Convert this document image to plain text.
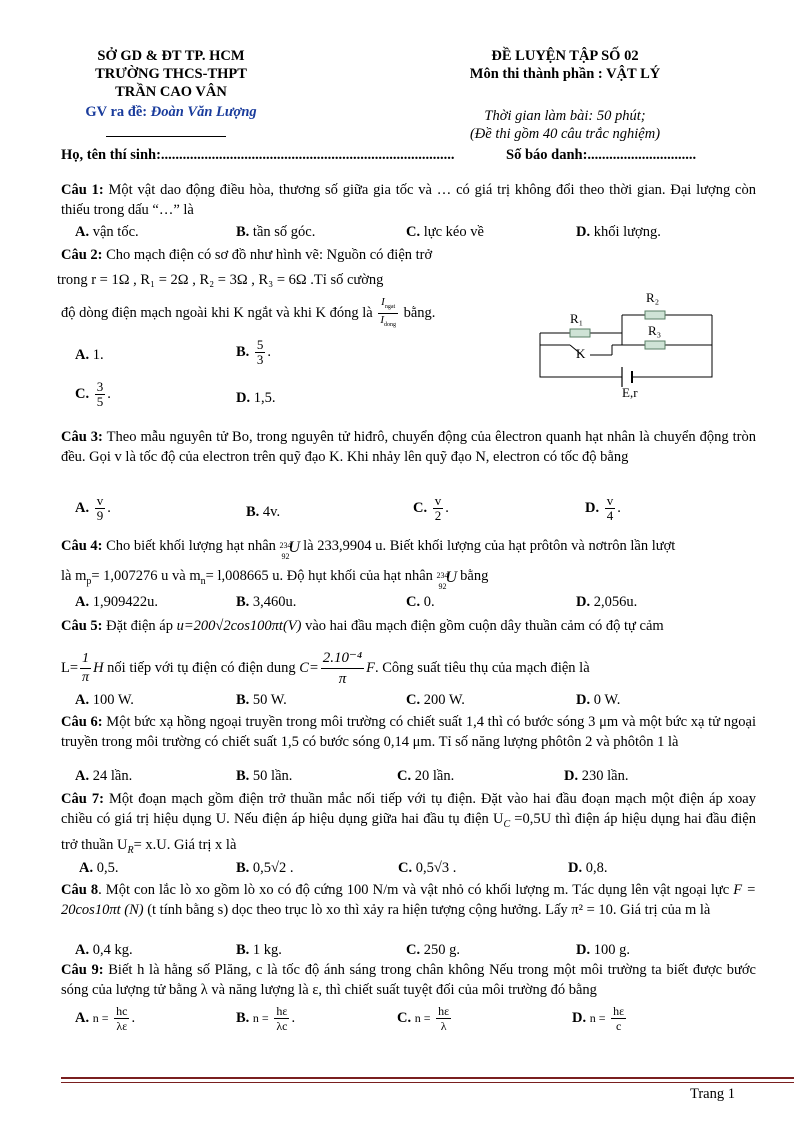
SỞ GD & ĐT TP. HCM
TRƯỜNG THCS-THPT
TRẦN CAO VÂN
GV ra đề: Đoàn Văn Lượng
ĐỀ LUYỆN TẬP SỐ 02
Môn thi thành phần : VẬT LÝ
Thời gian làm bài: 50 phút;
(Đề thi gồm 40 câu trắc nghiệm)
Họ, tên thí sinh:.................................................................................	Số báo danh:..............................
Câu 1: Một vật dao động điều hòa, thương số giữa gia tốc và … có giá trị không đổi theo thời gian. Đại lượng còn thiếu trong dấu “…” là
A. vận tốc.	B. tần số góc.	C. lực kéo về	D. khối lượng.
Câu 2: Cho mạch điện có sơ đồ như hình vẽ: Nguồn có điện trở
trong r = 1Ω , R₁ = 2Ω , R₂ = 3Ω , R₃ = 6Ω .Tỉ số cường
độ dòng điện mạch ngoài khi K ngắt và khi K đóng là $\frac{I_{ngat}}{I_{dong}}$ bằng.
A. 1.	B. $\frac{5}{3}$ .
C. $\frac{3}{5}$ .	D. 1,5.
R₁
R₂
R₃
K
E,r
Câu 3: Theo mẫu nguyên tử Bo, trong nguyên tử hiđrô, chuyển động của êlectron quanh hạt nhân là chuyển động tròn đều. Gọi v là tốc độ của electron trên quỹ đạo K. Khi nhảy lên quỹ đạo N, electron có tốc độ bằng
A. $\frac{v}{9}$ .	B. 4v.	C. $\frac{v}{2}$ .	D. $\frac{v}{4}$ .
Câu 4: Cho biết khối lượng hạt nhân 234
92
U là 233,9904 u. Biết khối lượng của hạt prôtôn và nơtrôn lần lượt
là $m_p= 1,007276$ u và $m_n= l,008665$ u. Độ hụt khối của hạt nhân 234
92
U bằng
A. 1,909422u.	B. 3,460u.	C. 0.	D. 2,056u.
Câu 5: Đặt điện áp u=200√2cos100πt(V) vào hai đầu mạch điện gồm cuộn dây thuần cảm có độ tự cảm
$L= \frac{1}{\pi}$ H nối tiếp với tụ điện có điện dung $C= \frac{\text{2.10⁻⁴}}{\pi} F$. Công suất tiêu thụ của mạch điện là
A. 100 W.	B. 50 W.	C. 200 W.	D. 0 W.
Câu 6: Một bức xạ hồng ngoại truyền trong môi trường có chiết suất 1,4 thì có bước sóng 3 μm và một bức xạ tử ngoại truyền trong môi trường có chiết suất 1,5 có bước sóng 0,14 μm. Tỉ số năng lượng phôtôn 2 và phôtôn 1 là
A. 24 lần.	B. 50 lần.	C. 20 lần.	D. 230 lần.
Câu 7: Một đoạn mạch gồm điện trở thuần mắc nối tiếp với tụ điện. Đặt vào hai đầu đoạn mạch một điện áp xoay chiều có giá trị hiệu dụng U. Nếu điện áp hiệu dụng giữa hai đầu tụ điện $U_C =0,5U$ thì điện áp hiệu dụng hai đầu điện trở thuần $U_R= x.U$. Giá trị x là
A. 0,5.	B. 0,5√2 .	C. 0,5√3 .	D. 0,8.
Câu 8. Một con lắc lò xo gồm lò xo có độ cứng 100 N/m và vật nhỏ có khối lượng m. Tác dụng lên vật ngoại lực F = 20cos10πt (N) (t tính bằng s) dọc theo trục lò xo thì xảy ra hiện tượng cộng hưởng. Lấy π² = 10. Giá trị của m là
A. 0,4 kg.	B. 1 kg.	C. 250 g.	D. 100 g.
Câu 9: Biết h là hằng số Plăng, c là tốc độ ánh sáng trong chân không Nếu trong một môi trường ta biết được bước sóng của lượng tử bằng λ và năng lượng là ε, thì chiết suất tuyệt đối của môi trường đó bằng
A. $n = \frac{hc}{\lambda\varepsilon}$ .	B. $n = \frac{h\varepsilon}{\lambda c}$ .	C. $n = \frac{h\varepsilon}{\lambda}$	D. $n = \frac{h\varepsilon}{c}$
Trang 1
